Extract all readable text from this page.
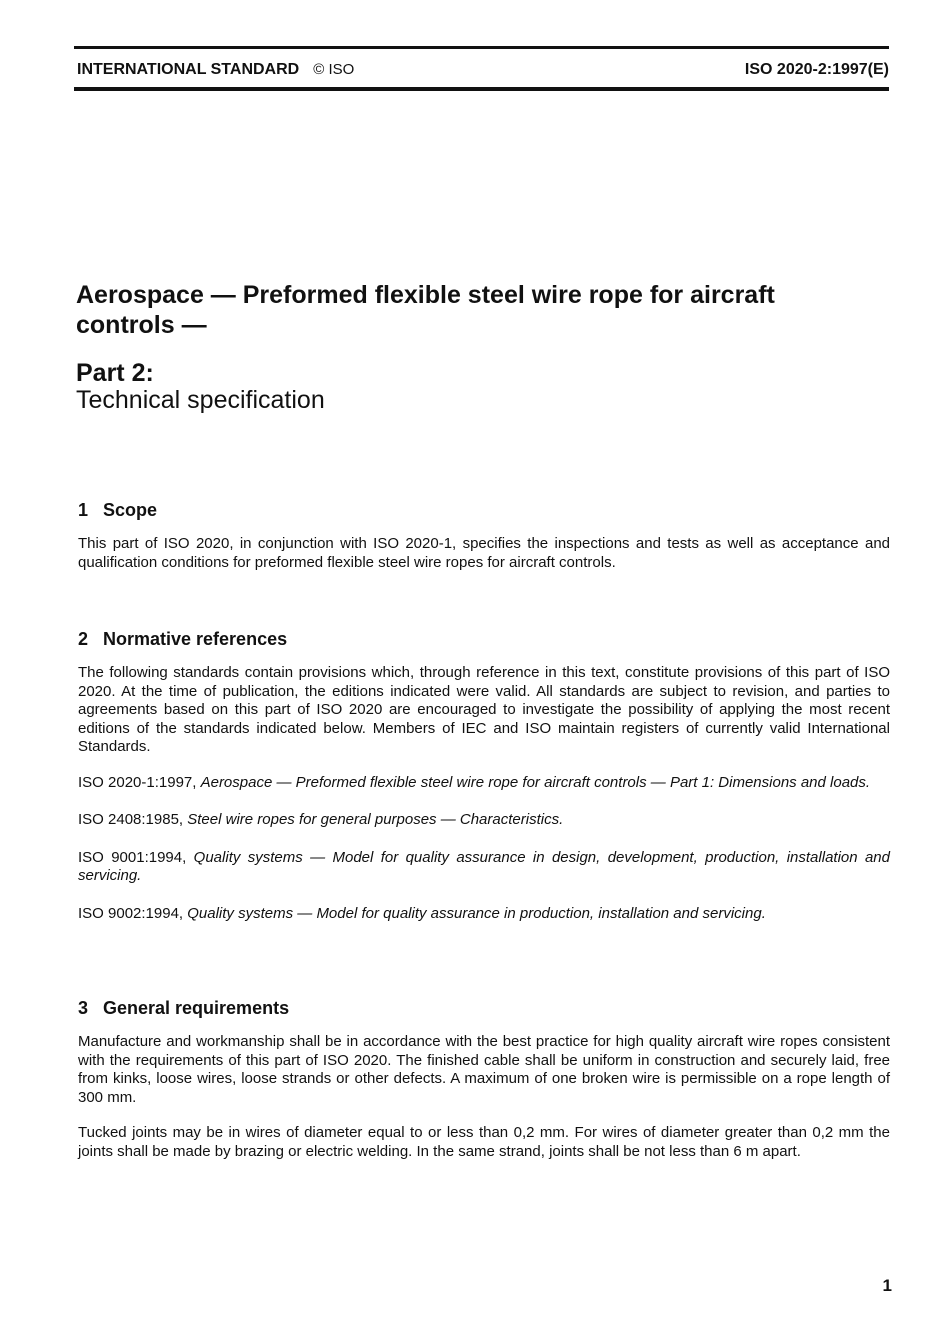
INTERNATIONAL STANDARD © ISO	ISO 2020-2:1997(E)
Aerospace — Preformed flexible steel wire rope for aircraft controls —
Part 2:
Technical specification
1 Scope

This part of ISO 2020, in conjunction with ISO 2020-1, specifies the inspections and tests as well as acceptance and qualification conditions for preformed flexible steel wire ropes for aircraft controls.

2 Normative references

The following standards contain provisions which, through reference in this text, constitute provisions of this part of ISO 2020. At the time of publication, the editions indicated were valid. All standards are subject to revision, and parties to agreements based on this part of ISO 2020 are encouraged to investigate the possibility of applying the most recent editions of the standards indicated below. Members of IEC and ISO maintain registers of currently valid International Standards.

ISO 2020-1:1997, Aerospace — Preformed flexible steel wire rope for aircraft controls — Part 1: Dimensions and loads.

ISO 2408:1985, Steel wire ropes for general purposes — Characteristics.

ISO 9001:1994, Quality systems — Model for quality assurance in design, development, production, installation and servicing.

ISO 9002:1994, Quality systems — Model for quality assurance in production, installation and servicing.

3 General requirements

Manufacture and workmanship shall be in accordance with the best practice for high quality aircraft wire ropes consistent with the requirements of this part of ISO 2020. The finished cable shall be uniform in construction and securely laid, free from kinks, loose wires, loose strands or other defects. A maximum of one broken wire is permissible on a rope length of 300 mm.

Tucked joints may be in wires of diameter equal to or less than 0,2 mm. For wires of diameter greater than 0,2 mm the joints shall be made by brazing or electric welding. In the same strand, joints shall be not less than 6 m apart.

1
